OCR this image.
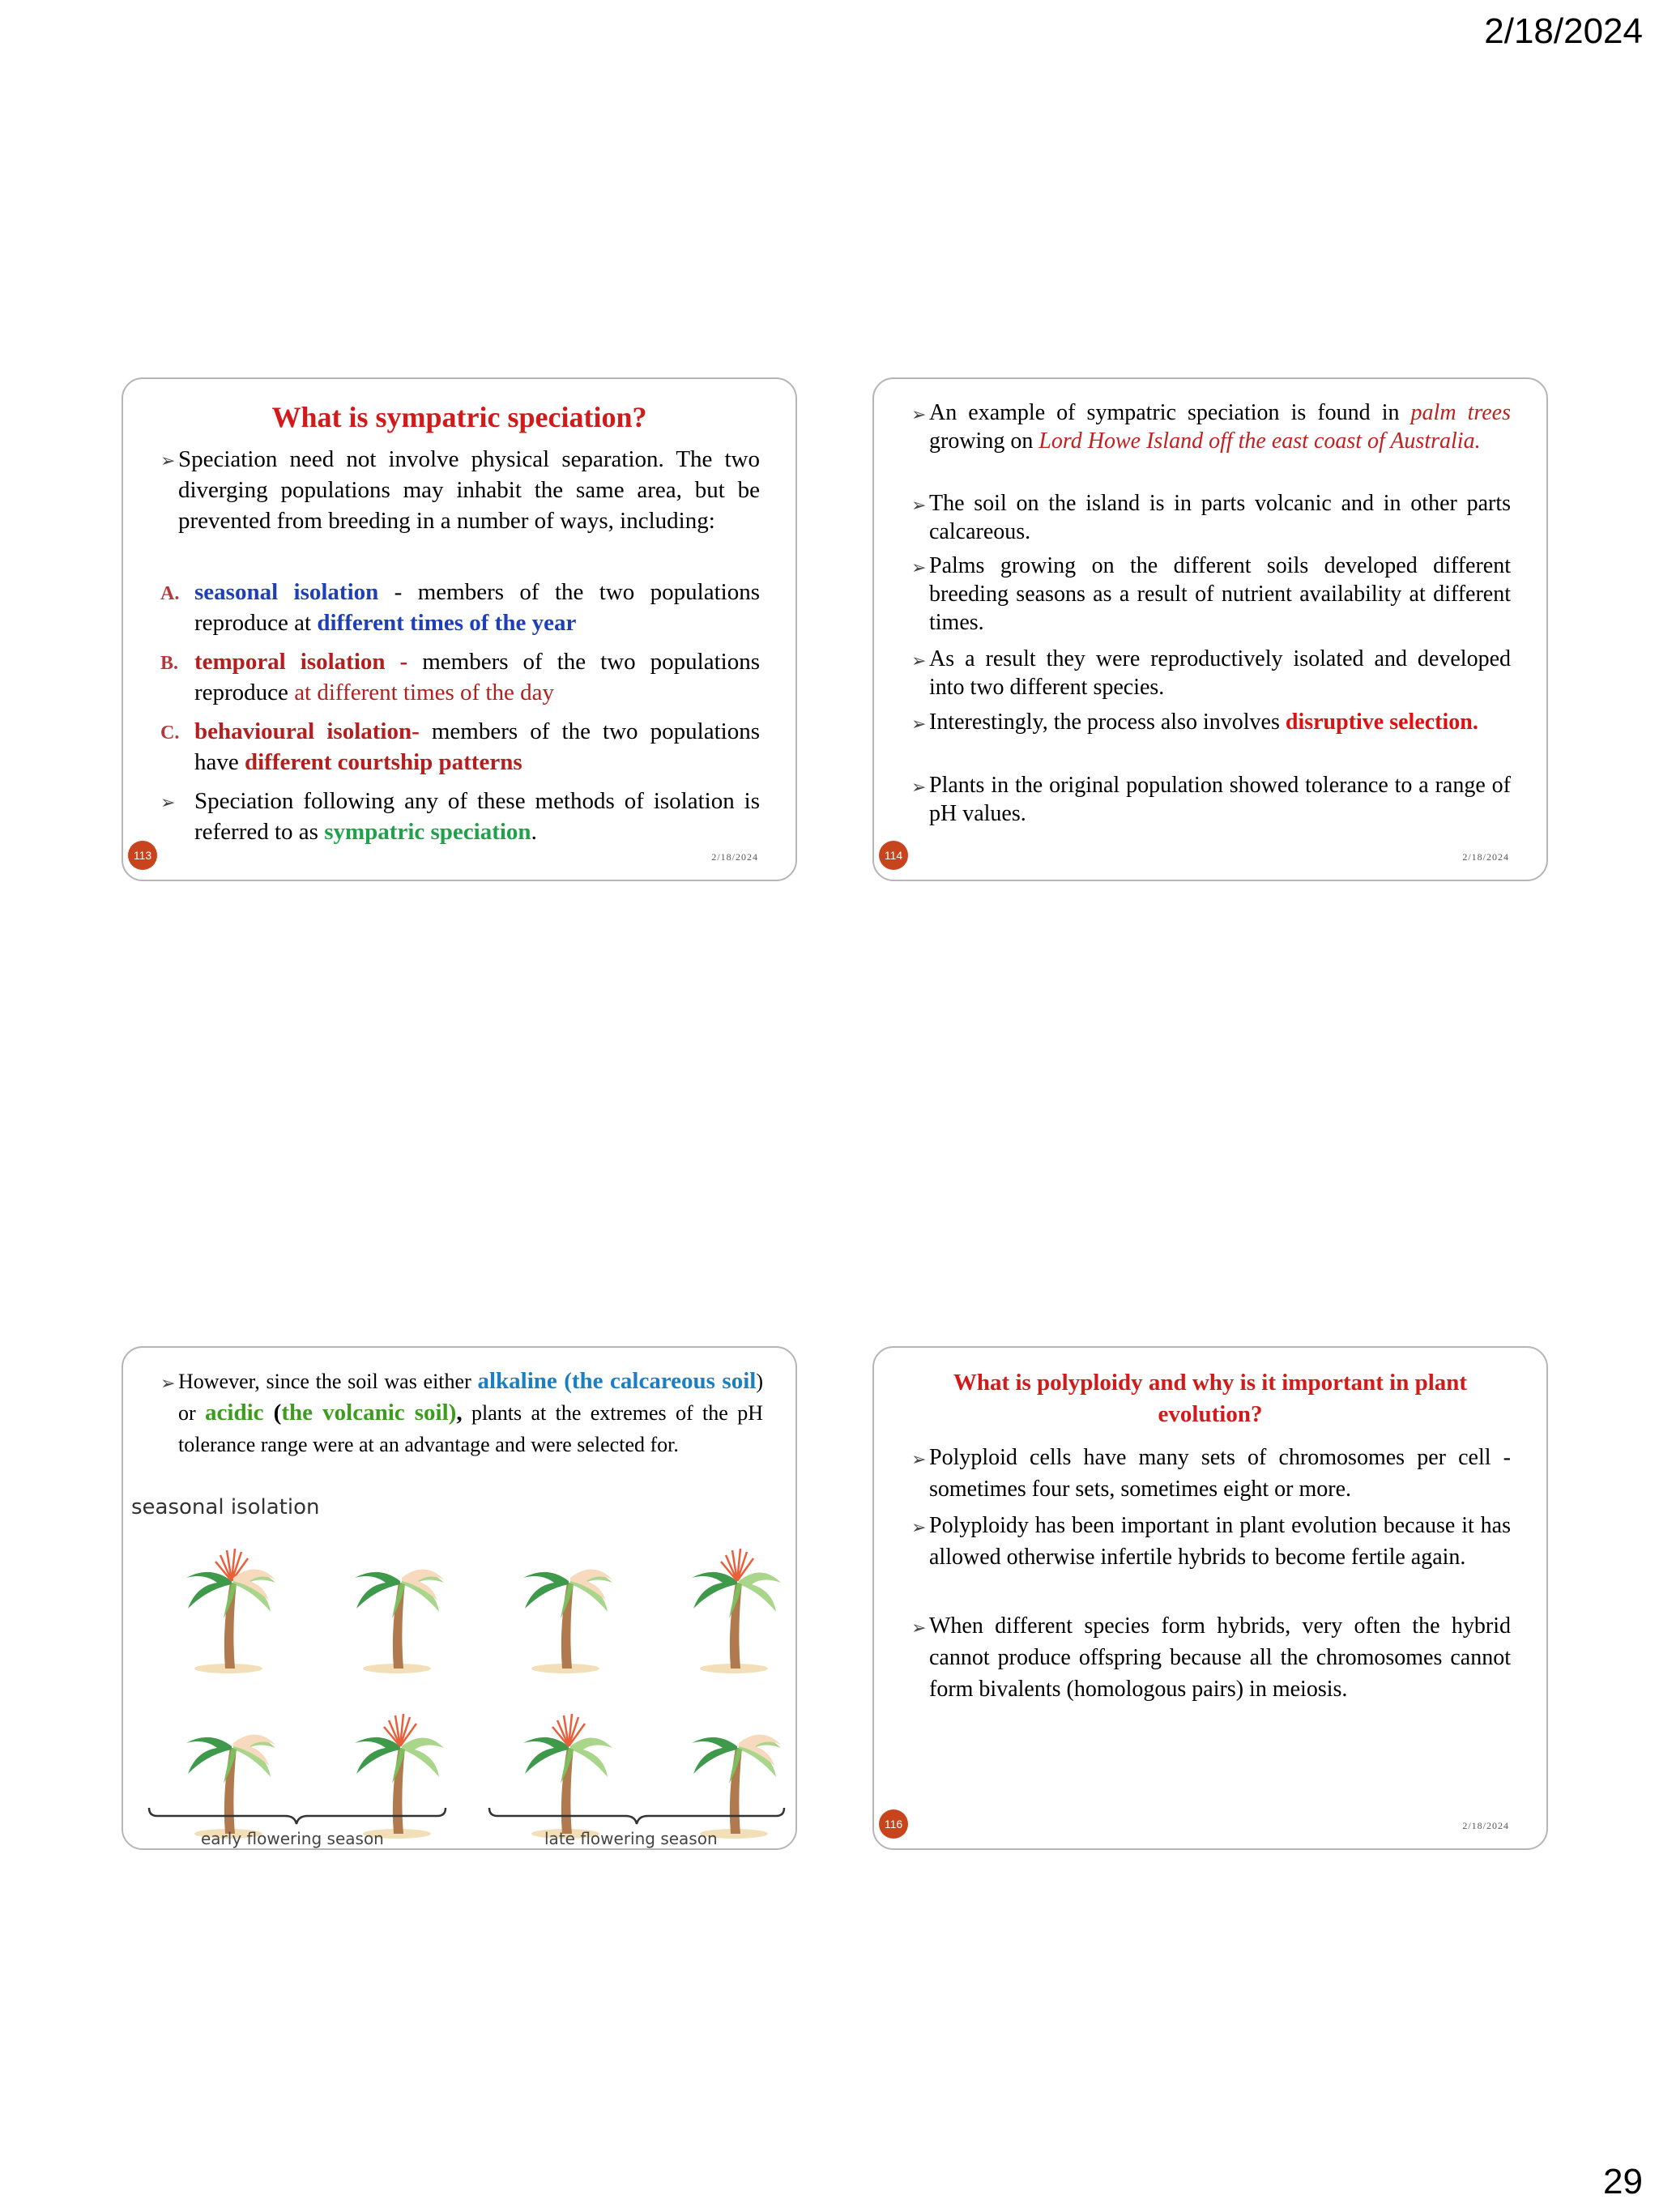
2/18/2024
What is sympatric speciation?
➢ Speciation need not involve physical separation. The two diverging populations may inhabit the same area, but be prevented from breeding in a number of ways, including:
A. seasonal isolation - members of the two populations reproduce at different times of the year
B. temporal isolation - members of the two populations reproduce at different times of the day
C. behavioural isolation- members of the two populations have different courtship patterns
➢ Speciation following any of these methods of isolation is referred to as sympatric speciation.
113	2/18/2024
➢ An example of sympatric speciation is found in palm trees growing on Lord Howe Island off the east coast of Australia.
➢ The soil on the island is in parts volcanic and in other parts calcareous.
➢ Palms growing on the different soils developed different breeding seasons as a result of nutrient availability at different times.
➢ As a result they were reproductively isolated and developed into two different species.
➢ Interestingly, the process also involves disruptive selection.
➢ Plants in the original population showed tolerance to a range of pH values.
114	2/18/2024
➢ However, since the soil was either alkaline (the calcareous soil) or acidic (the volcanic soil), plants at the extremes of the pH tolerance range were at an advantage and were selected for.
seasonal isolation
early flowering season	late flowering season
What is polyploidy and why is it important in plant evolution?
➢ Polyploid cells have many sets of chromosomes per cell - sometimes four sets, sometimes eight or more.
➢ Polyploidy has been important in plant evolution because it has allowed otherwise infertile hybrids to become fertile again.
➢ When different species form hybrids, very often the hybrid cannot produce offspring because all the chromosomes cannot form bivalents (homologous pairs) in meiosis.
116	2/18/2024
29
